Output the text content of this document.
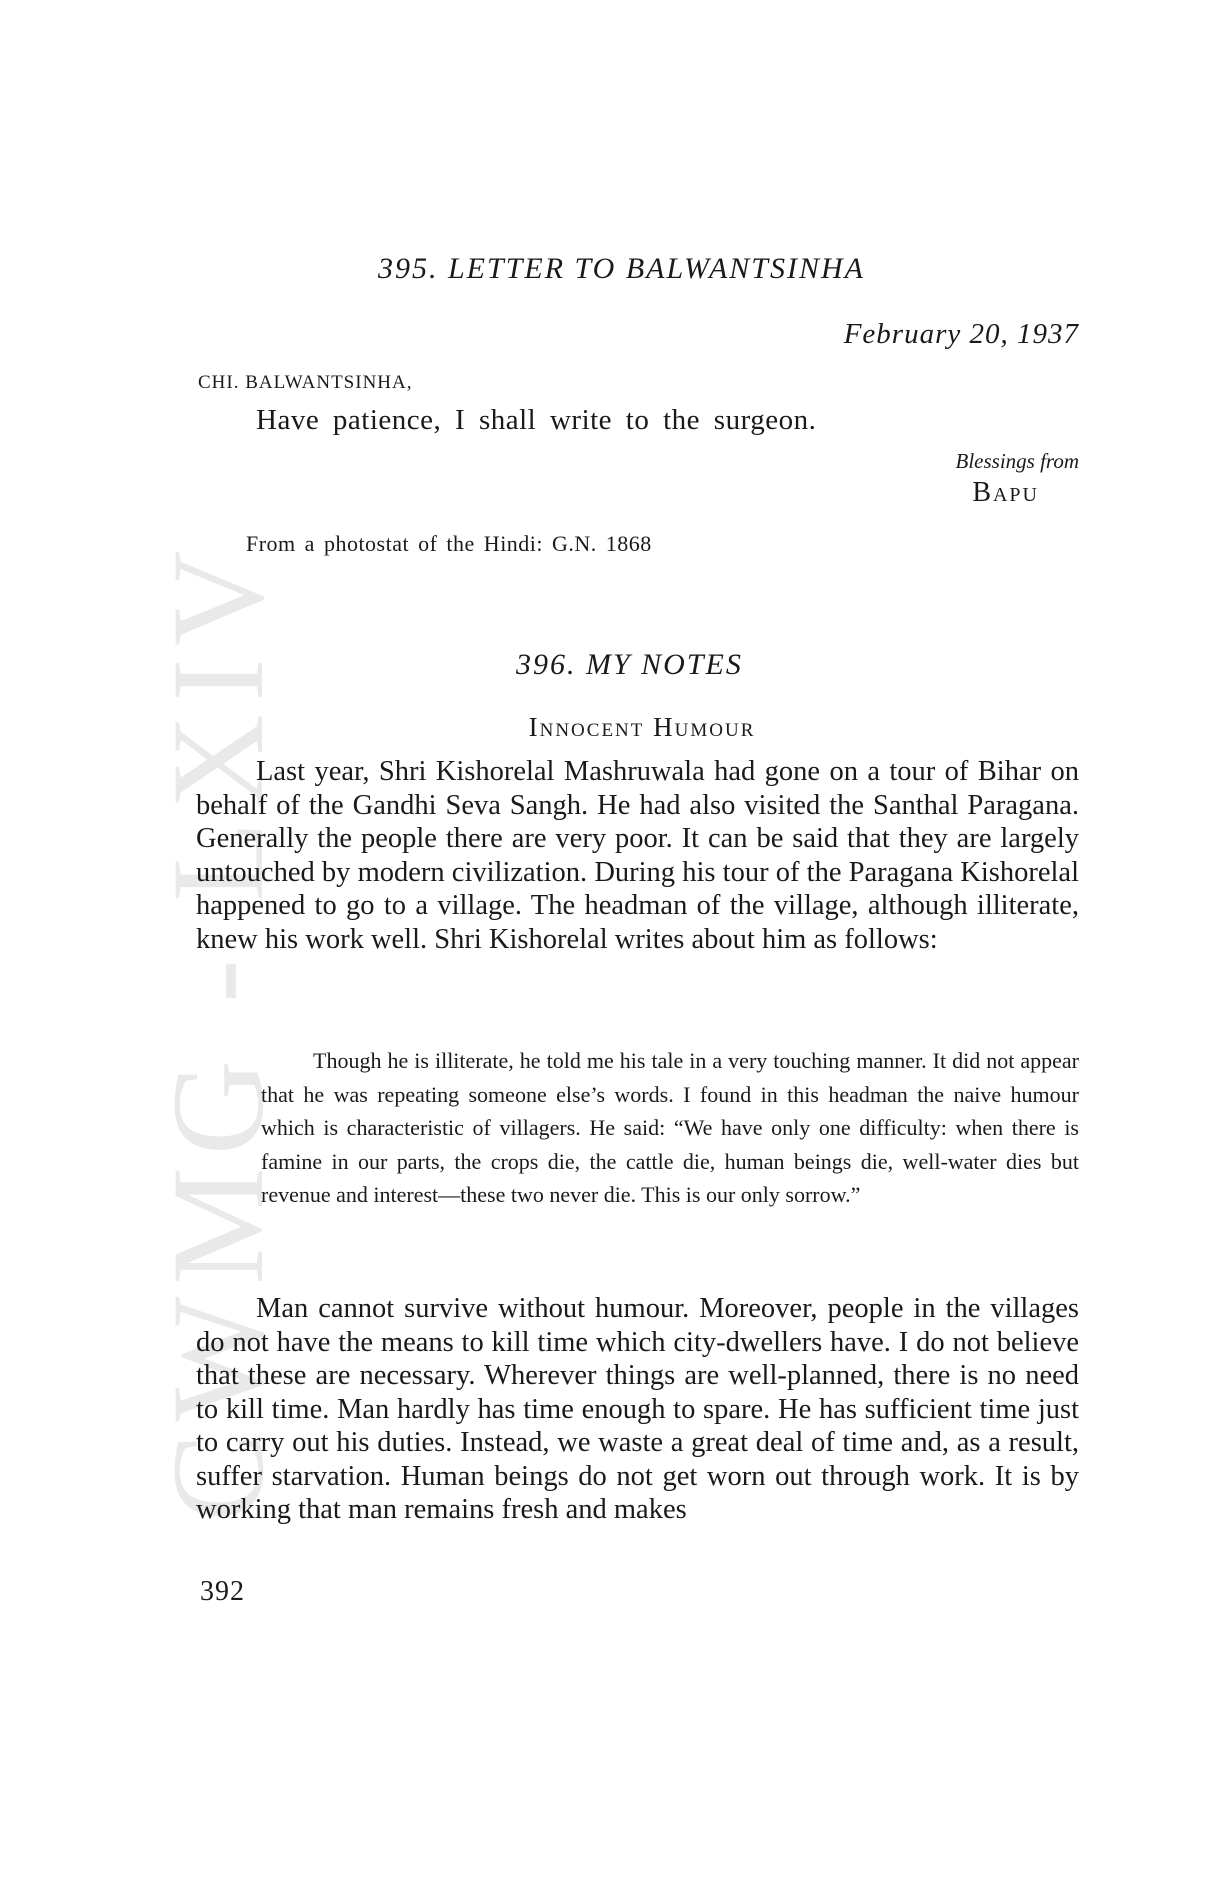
CWMG - LXIV
395. LETTER TO BALWANTSINHA
February 20, 1937
CHI. BALWANTSINHA,
Have patience, I shall write to the surgeon.
Blessings from
Bapu
From a photostat of the Hindi: G.N. 1868
396. MY NOTES
Innocent Humour

Last year, Shri Kishorelal Mashruwala had gone on a tour of Bihar on behalf of the Gandhi Seva Sangh. He had also visited the Santhal Paragana. Generally the people there are very poor. It can be said that they are largely untouched by modern civilization. During his tour of the Paragana Kishorelal happened to go to a village. The headman of the village, although illiterate, knew his work well. Shri Kishorelal writes about him as follows:

Though he is illiterate, he told me his tale in a very touching manner. It did not appear that he was repeating someone else’s words. I found in this headman the naive humour which is characteristic of villagers. He said: “We have only one difficulty: when there is famine in our parts, the crops die, the cattle die, human beings die, well-water dies but revenue and interest—these two never die. This is our only sorrow.”

Man cannot survive without humour. Moreover, people in the villages do not have the means to kill time which city-dwellers have. I do not believe that these are necessary. Wherever things are well-planned, there is no need to kill time. Man hardly has time enough to spare. He has sufficient time just to carry out his duties. Instead, we waste a great deal of time and, as a result, suffer starvation. Human beings do not get worn out through work. It is by working that man remains fresh and makes

392
